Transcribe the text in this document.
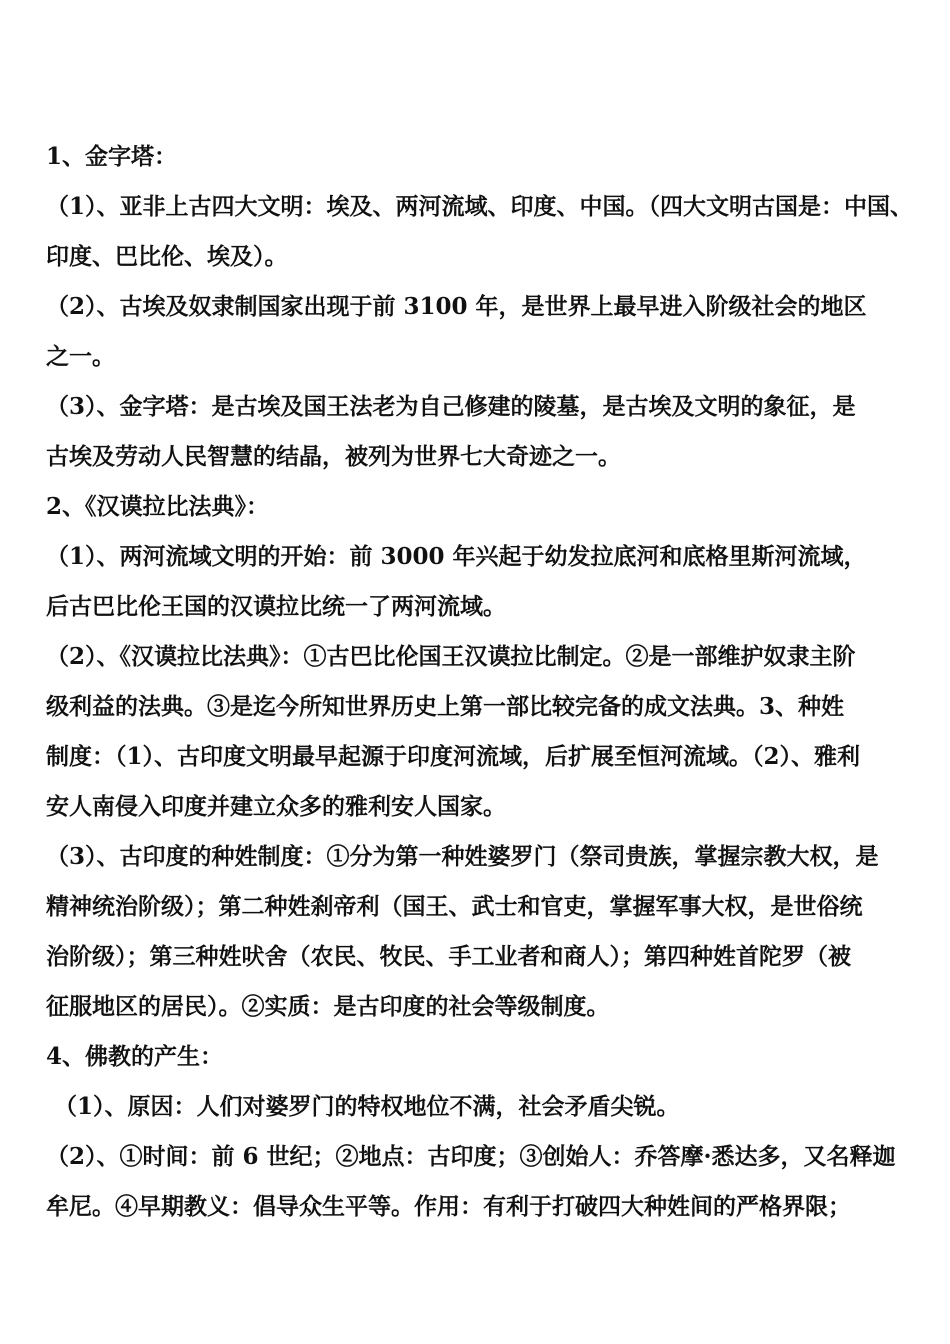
1、金字塔：

（1）、亚非上古四大文明：埃及、两河流域、印度、中国。（四大文明古国是：中国、

印度、巴比伦、埃及）。

（2）、古埃及奴隶制国家出现于前 3100 年，是世界上最早进入阶级社会的地区

之一。

（3）、金字塔：是古埃及国王法老为自己修建的陵墓，是古埃及文明的象征，是

古埃及劳动人民智慧的结晶，被列为世界七大奇迹之一。

2、《汉谟拉比法典》：

（1）、两河流域文明的开始：前 3000 年兴起于幼发拉底河和底格里斯河流域，

后古巴比伦王国的汉谟拉比统一了两河流域。

（2）、《汉谟拉比法典》：①古巴比伦国王汉谟拉比制定。②是一部维护奴隶主阶

级利益的法典。③是迄今所知世界历史上第一部比较完备的成文法典。3、种姓

制度：（1）、古印度文明最早起源于印度河流域，后扩展至恒河流域。（2）、雅利

安人南侵入印度并建立众多的雅利安人国家。

（3）、古印度的种姓制度：①分为第一种姓婆罗门（祭司贵族，掌握宗教大权，是

精神统治阶级）；第二种姓刹帝利（国王、武士和官吏，掌握军事大权，是世俗统

治阶级）；第三种姓吠舍（农民、牧民、手工业者和商人）；第四种姓首陀罗（被

征服地区的居民）。②实质：是古印度的社会等级制度。

4、佛教的产生：

（1）、原因：人们对婆罗门的特权地位不满，社会矛盾尖锐。

（2）、①时间：前 6 世纪；②地点：古印度；③创始人：乔答摩·悉达多，又名释迦

牟尼。④早期教义：倡导众生平等。作用：有利于打破四大种姓间的严格界限；
